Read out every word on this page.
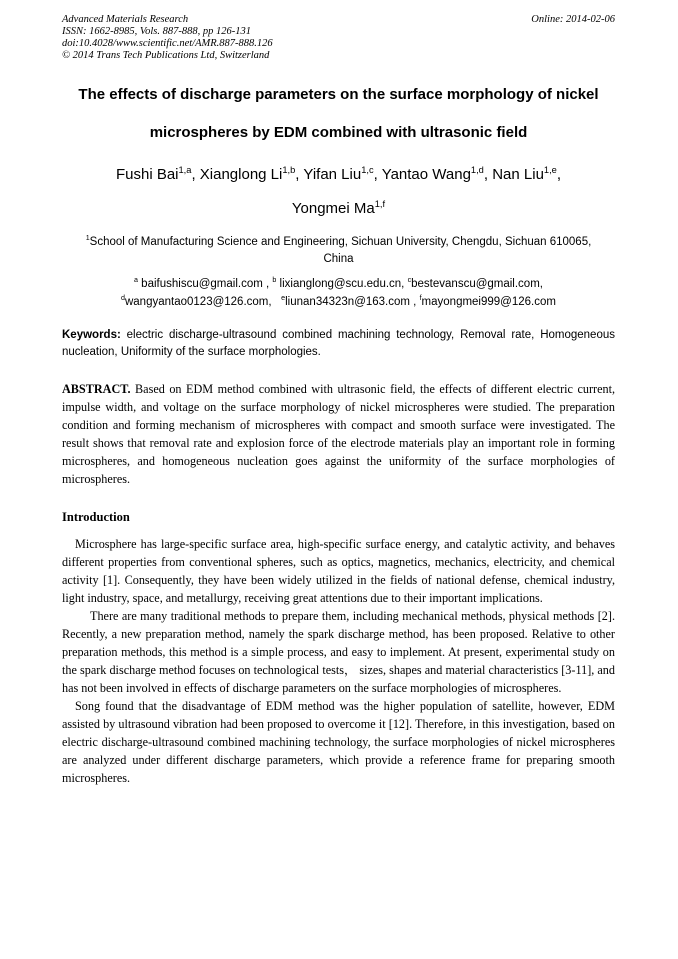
Advanced Materials Research
ISSN: 1662-8985, Vols. 887-888, pp 126-131
doi:10.4028/www.scientific.net/AMR.887-888.126
© 2014 Trans Tech Publications Ltd, Switzerland
Online: 2014-02-06
The effects of discharge parameters on the surface morphology of nickel
microspheres by EDM combined with ultrasonic field
Fushi Bai$^{1,a}$, Xianglong Li$^{1,b}$, Yifan Liu$^{1,c}$, Yantao Wang$^{1,d}$, Nan Liu$^{1,e}$,
Yongmei Ma$^{1,f}$
$^1$School of Manufacturing Science and Engineering, Sichuan University, Chengdu, Sichuan 610065,
China
$^a$ baifushiscu@gmail.com , $^b$ lixianglong@scu.edu.cn, $^c$bestevanscu@gmail.com,
$^d$wangyantao0123@126.com,   $^e$liunan34323n@163.com , $^f$mayongmei999@126.com

Keywords: electric discharge-ultrasound combined machining technology, Removal rate, Homogeneous nucleation, Uniformity of the surface morphologies.

ABSTRACT. Based on EDM method combined with ultrasonic field, the effects of different electric current, impulse width, and voltage on the surface morphology of nickel microspheres were studied. The preparation condition and forming mechanism of microspheres with compact and smooth surface were investigated. The result shows that removal rate and explosion force of the electrode materials play an important role in forming microspheres, and homogeneous nucleation goes against the uniformity of the surface morphologies of microspheres.

Introduction

Microsphere has large-specific surface area, high-specific surface energy, and catalytic activity, and behaves different properties from conventional spheres, such as optics, magnetics, mechanics, electricity, and chemical activity [1]. Consequently, they have been widely utilized in the fields of national defense, chemical industry, light industry, space, and metallurgy, receiving great attentions due to their important implications.

There are many traditional methods to prepare them, including mechanical methods, physical methods [2]. Recently, a new preparation method, namely the spark discharge method, has been proposed. Relative to other preparation methods, this method is a simple process, and easy to implement. At present, experimental study on the spark discharge method focuses on technological tests， sizes, shapes and material characteristics [3-11], and has not been involved in effects of discharge parameters on the surface morphologies of microspheres.

Song found that the disadvantage of EDM method was the higher population of satellite, however, EDM assisted by ultrasound vibration had been proposed to overcome it [12]. Therefore, in this investigation, based on electric discharge-ultrasound combined machining technology, the surface morphologies of nickel microspheres are analyzed under different discharge parameters, which provide a reference frame for preparing smooth microspheres.
